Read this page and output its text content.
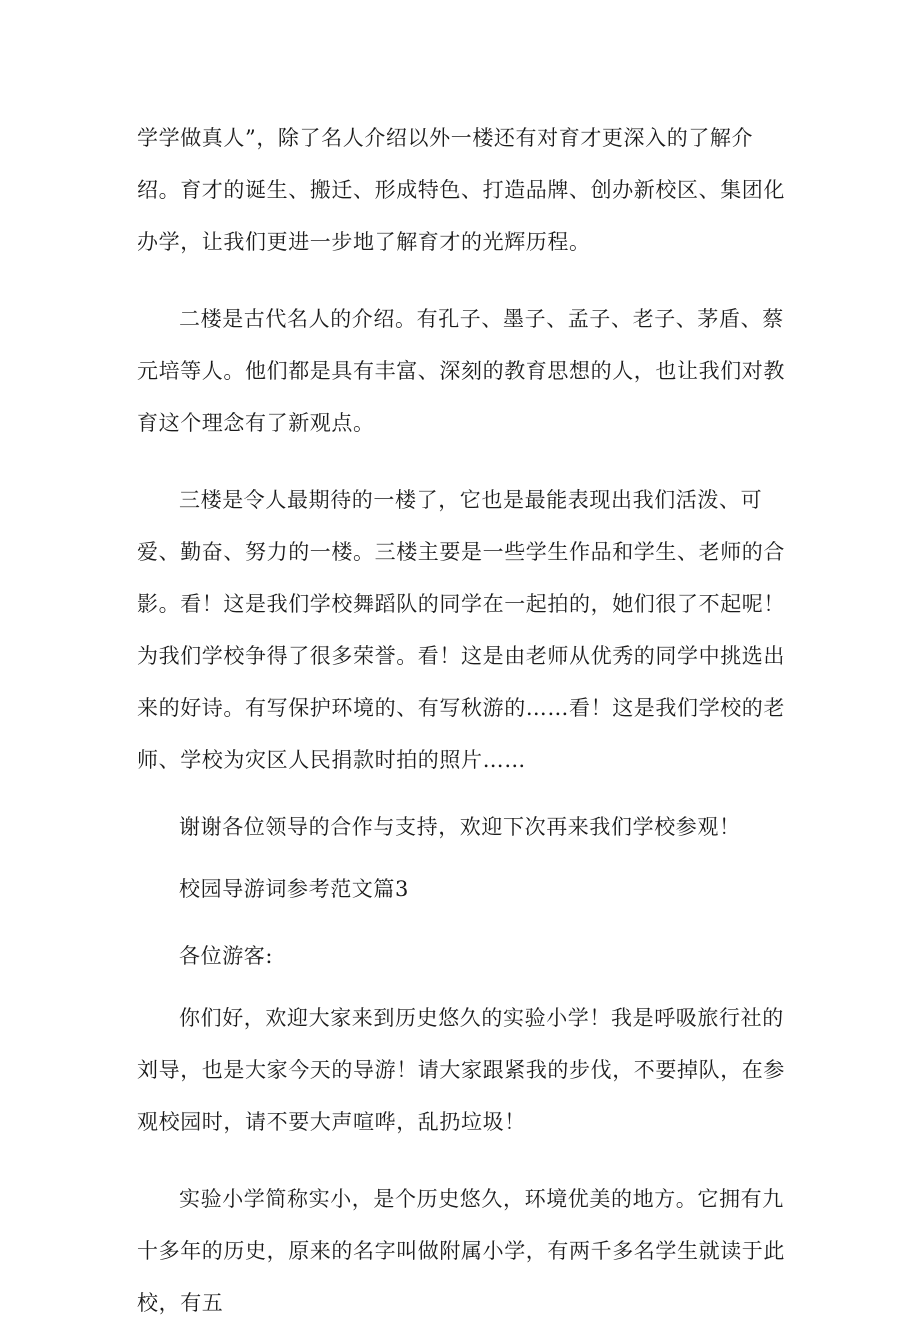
学学做真人”，除了名人介绍以外一楼还有对育才更深入的了解介绍。育才的诞生、搬迁、形成特色、打造品牌、创办新校区、集团化办学，让我们更进一步地了解育才的光辉历程。

二楼是古代名人的介绍。有孔子、墨子、孟子、老子、茅盾、蔡元培等人。他们都是具有丰富、深刻的教育思想的人，也让我们对教育这个理念有了新观点。

三楼是令人最期待的一楼了，它也是最能表现出我们活泼、可爱、勤奋、努力的一楼。三楼主要是一些学生作品和学生、老师的合影。看！这是我们学校舞蹈队的同学在一起拍的，她们很了不起呢！为我们学校争得了很多荣誉。看！这是由老师从优秀的同学中挑选出来的好诗。有写保护环境的、有写秋游的……看！这是我们学校的老师、学校为灾区人民捐款时拍的照片……

谢谢各位领导的合作与支持，欢迎下次再来我们学校参观！

校园导游词参考范文篇3

各位游客:

你们好，欢迎大家来到历史悠久的实验小学！我是呼吸旅行社的刘导，也是大家今天的导游！请大家跟紧我的步伐，不要掉队，在参观校园时，请不要大声喧哗，乱扔垃圾！

实验小学简称实小，是个历史悠久，环境优美的地方。它拥有九十多年的历史，原来的名字叫做附属小学，有两千多名学生就读于此校，有五
